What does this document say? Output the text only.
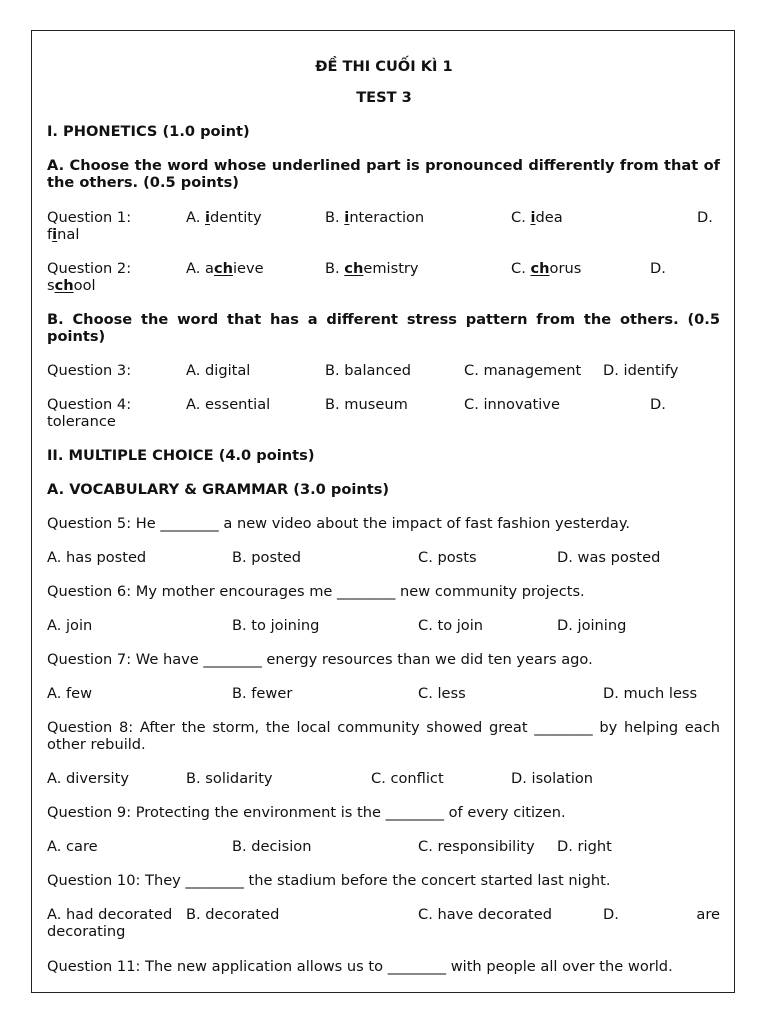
ĐỀ THI CUỐI KÌ 1
TEST 3
I. PHONETICS (1.0 point)
A. Choose the word whose underlined part is pronounced differently from that of the others. (0.5 points)
Question 1:	A. identity	B. interaction	C. idea	D.
final
Question 2:	A. achieve	B. chemistry	C. chorus	D.
school
B. Choose the word that has a different stress pattern from the others. (0.5 points)
Question 3:	A. digital	B. balanced	C. management D. identify
Question 4:	A. essential	B. museum	C. innovative	D.
tolerance
II. MULTIPLE CHOICE (4.0 points)
A. VOCABULARY & GRAMMAR (3.0 points)
Question 5: He ________ a new video about the impact of fast fashion yesterday.
A. has posted	B. posted	C. posts	D. was posted
Question 6: My mother encourages me ________ new community projects.
A. join	B. to joining	C. to join	D. joining
Question 7: We have ________ energy resources than we did ten years ago.
A. few	B. fewer	C. less	D. much less
Question 8: After the storm, the local community showed great ________ by helping each other rebuild.
A. diversity	B. solidarity	C. conflict	D. isolation
Question 9: Protecting the environment is the ________ of every citizen.
A. care	B. decision	C. responsibility D. right
Question 10: They ________ the stadium before the concert started last night.
A. had decorated B. decorated	C. have decorated	D.	are
decorating
Question 11: The new application allows us to ________ with people all over the world.
